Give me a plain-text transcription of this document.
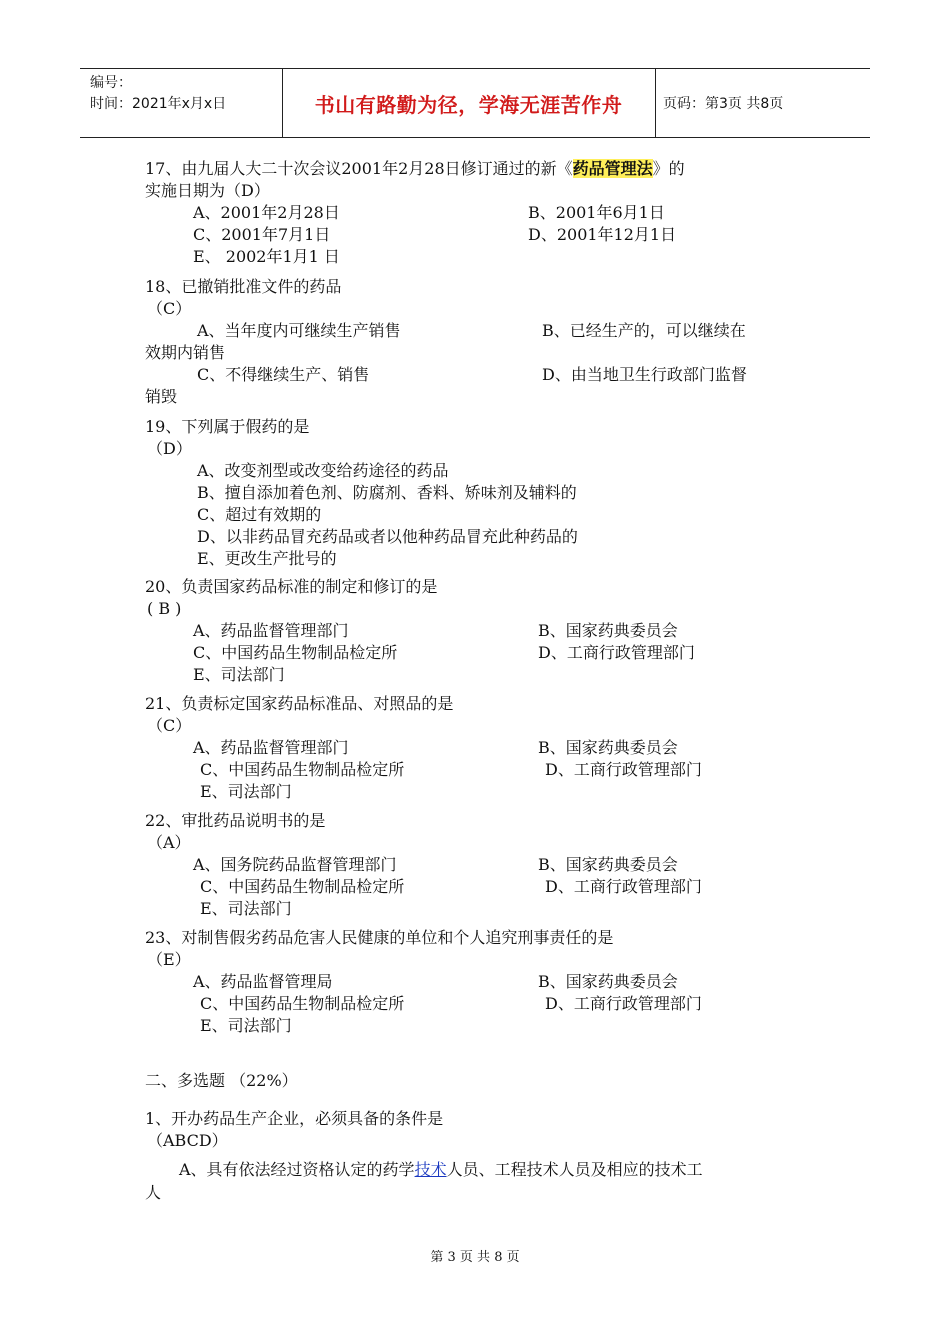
编号：
时间：2021年x月x日	书山有路勤为径，学海无涯苦作舟	页码：第3页 共8页
17、由九届人大二十次会议2001年2月28日修订通过的新《药品管理法》的
实施日期为（D）
A、2001年2月28日	B、2001年6月1日
C、2001年7月1日	D、2001年12月1日
E、 2002年1月1 日
18、已撤销批准文件的药品
（C）
A、当年度内可继续生产销售	B、已经生产的，可以继续在
效期内销售
C、不得继续生产、销售	D、由当地卫生行政部门监督
销毁
19、下列属于假药的是
（D）
A、改变剂型或改变给药途径的药品
B、擅自添加着色剂、防腐剂、香料、矫味剂及辅料的
C、超过有效期的
D、以非药品冒充药品或者以他种药品冒充此种药品的
E、更改生产批号的
20、负责国家药品标准的制定和修订的是
( B )
A、药品监督管理部门	B、国家药典委员会
C、中国药品生物制品检定所	D、工商行政管理部门
E、司法部门
21、负责标定国家药品标准品、对照品的是
（C）
A、药品监督管理部门	B、国家药典委员会
C、中国药品生物制品检定所	D、工商行政管理部门
E、司法部门
22、审批药品说明书的是
（A）
A、国务院药品监督管理部门	B、国家药典委员会
C、中国药品生物制品检定所	D、工商行政管理部门
E、司法部门
23、对制售假劣药品危害人民健康的单位和个人追究刑事责任的是
（E）
A、药品监督管理局	B、国家药典委员会
C、中国药品生物制品检定所	D、工商行政管理部门
E、司法部门
二、多选题 （22%）
1、开办药品生产企业，必须具备的条件是
（ABCD）
A、具有依法经过资格认定的药学技术人员、工程技术人员及相应的技术工
人
第 3 页 共 8 页
